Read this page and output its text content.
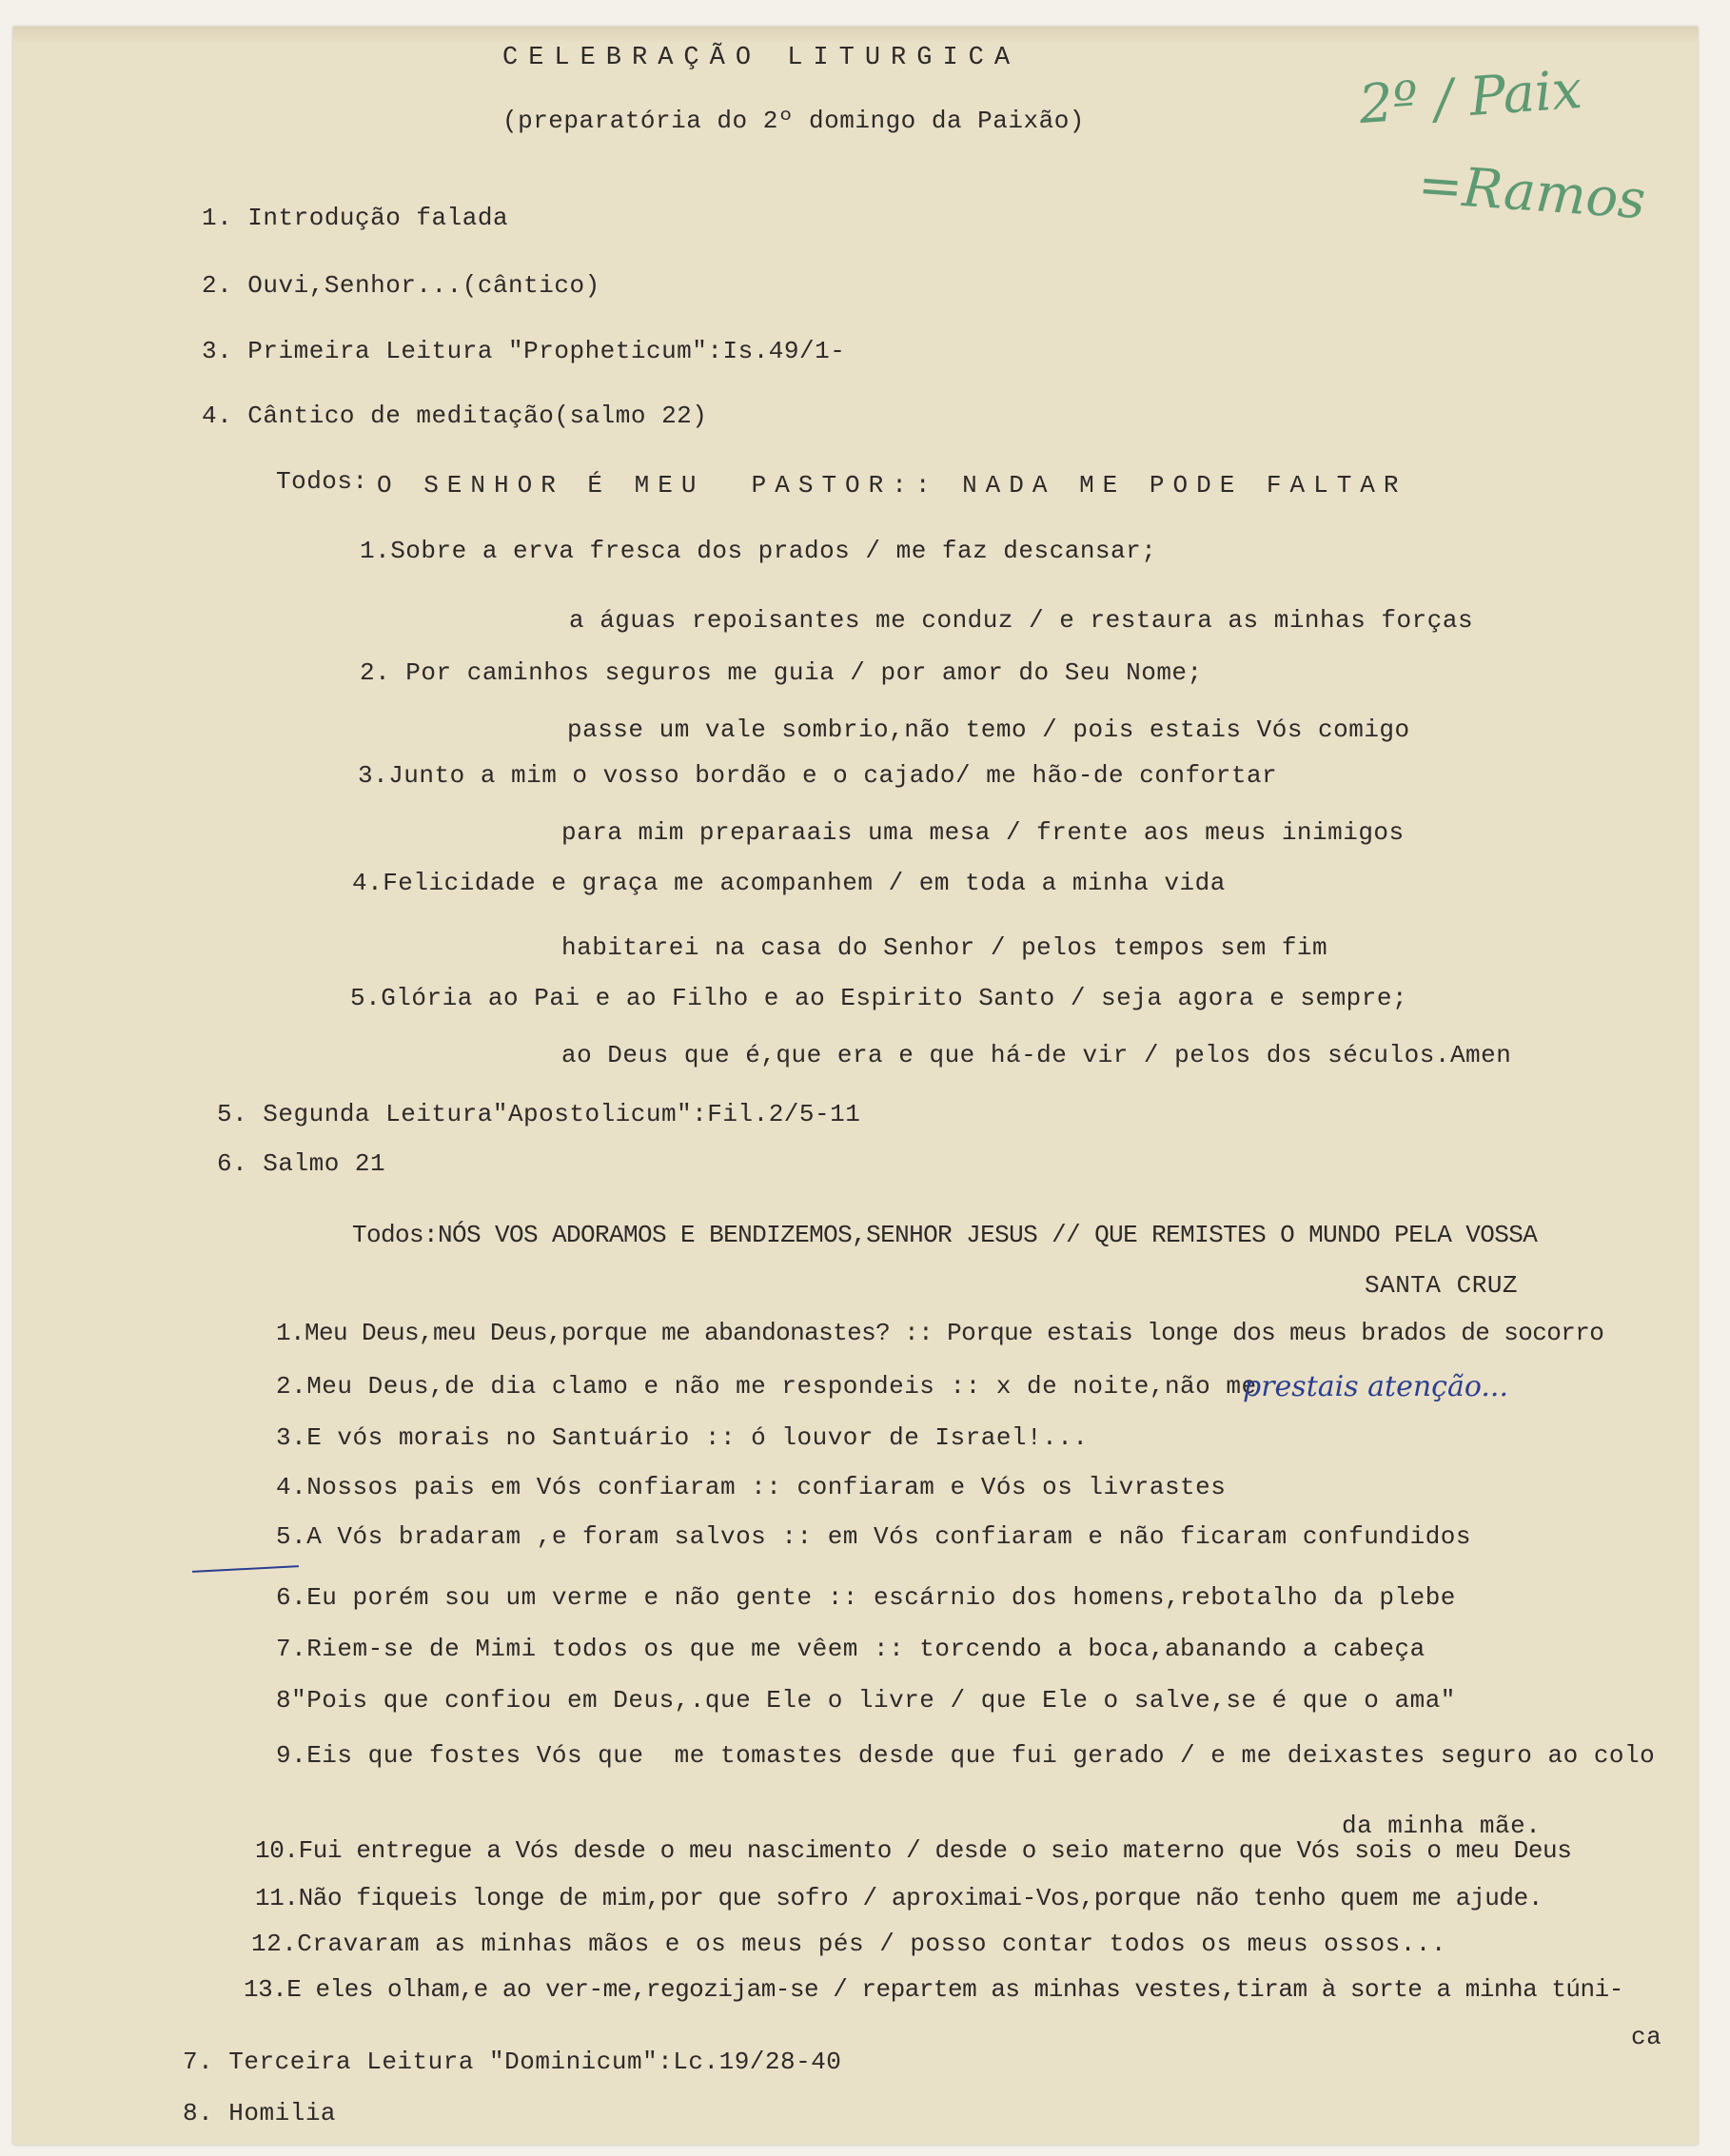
CELEBRAÇÃO LITURGICA
(preparatória do 2º domingo da Paixão)	2º / Paix
=Ramos
1. Introdução falada
2. Ouvi,Senhor...(cântico)
3. Primeira Leitura "Propheticum":Is.49/1-
4. Cântico de meditação(salmo 22)
Todos: O SENHOR É MEU  PASTOR:: NADA ME PODE FALTAR
1.Sobre a erva fresca dos prados / me faz descansar;
a águas repoisantes me conduz / e restaura as minhas forças
2. Por caminhos seguros me guia / por amor do Seu Nome;
passe um vale sombrio,não temo / pois estais Vós comigo
3.Junto a mim o vosso bordão e o cajado/ me hão-de confortar
para mim preparaais uma mesa / frente aos meus inimigos
4.Felicidade e graça me acompanhem / em toda a minha vida
habitarei na casa do Senhor / pelos tempos sem fim
5.Glória ao Pai e ao Filho e ao Espirito Santo / seja agora e sempre;
ao Deus que é,que era e que há-de vir / pelos dos séculos.Amen
5. Segunda Leitura"Apostolicum":Fil.2/5-11
6. Salmo 21
Todos:NÓS VOS ADORAMOS E BENDIZEMOS,SENHOR JESUS // QUE REMISTES O MUNDO PELA VOSSA
SANTA CRUZ
1.Meu Deus,meu Deus,porque me abandonastes? :: Porque estais longe dos meus brados de socorro
2.Meu Deus,de dia clamo e não me respondeis :: x de noite,não me
prestais atenção...
3.E vós morais no Santuário :: ó louvor de Israel!...
4.Nossos pais em Vós confiaram :: confiaram e Vós os livrastes
5.A Vós bradaram ,e foram salvos :: em Vós confiaram e não ficaram confundidos
6.Eu porém sou um verme e não gente :: escárnio dos homens,rebotalho da plebe
7.Riem-se de Mimi todos os que me vêem :: torcendo a boca,abanando a cabeça
8"Pois que confiou em Deus,.que Ele o livre / que Ele o salve,se é que o ama"
9.Eis que fostes Vós que  me tomastes desde que fui gerado / e me deixastes seguro ao colo
da minha mãe.
10.Fui entregue a Vós desde o meu nascimento / desde o seio materno que Vós sois o meu Deus
11.Não fiqueis longe de mim,por que sofro / aproximai-Vos,porque não tenho quem me ajude.
12.Cravaram as minhas mãos e os meus pés / posso contar todos os meus ossos...
13.E eles olham,e ao ver-me,regozijam-se / repartem as minhas vestes,tiram à sorte a minha túni-
ca
7. Terceira Leitura "Dominicum":Lc.19/28-40
8. Homilia
